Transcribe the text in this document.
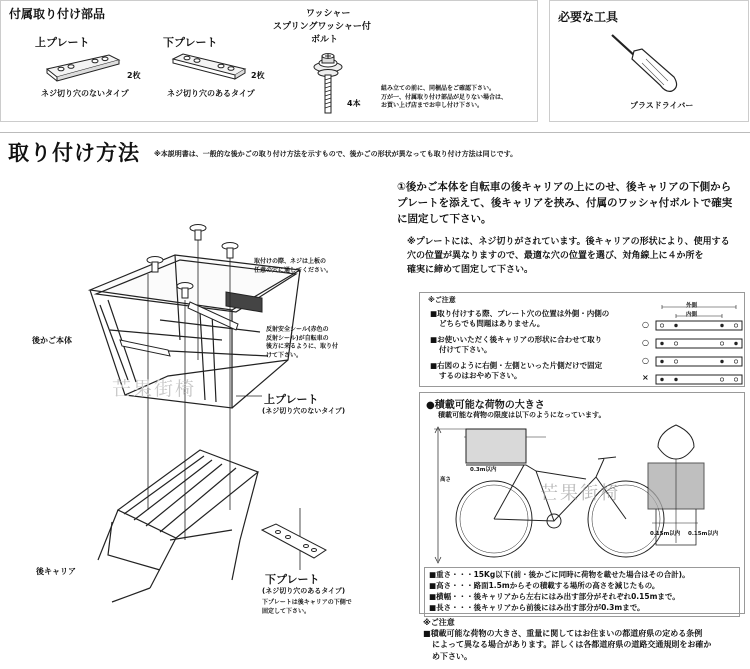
付属取り付け部品
上プレート
2枚
ネジ切り穴のないタイプ
下プレート
2枚
ネジ切り穴のあるタイプ
ワッシャー
スプリングワッシャー付
ボルト
4本
組み立ての前に、同梱品をご確認下さい。
万が一、付属取り付け部品が足りない場合は、
お買い上げ店までお申し付け下さい。
必要な工具
プラスドライバー
取り付け方法 ※本説明書は、一般的な後かごの取り付け方法を示すもので、後かごの形状が異なっても取り付け方法は同じです。
取付けの際、ネジは上板の
任意の穴に通してください。
反射安全シール(赤色の
反射シール)が自転車の
後方に来るように、取り付
けて下さい。
後かご本体
上プレート
(ネジ切り穴のないタイプ)
後キャリア
下プレート
(ネジ切り穴のあるタイプ)
下プレートは後キャリアの下側で
固定して下さい。
芒果街椅

①後かご本体を自転車の後キャリアの上にのせ、後キャリアの下側から

プレートを添えて、後キャリアを挟み、付属のワッシャ付ボルトで確実

に固定して下さい。

※プレートには、ネジ切りがされています。後キャリアの形状により、使用する
穴の位置が異なりますので、最適な穴の位置を選び、対角線上に４か所を
確実に締めて固定して下さい。
※ご注意
■ 取り付けする際、プレート穴の位置は外側・内側の
どちらでも問題はありません。
■ お使いいただく後キャリアの形状に合わせて取り
付けて下さい。
■ 右図のように右側・左側といった片側だけで固定
するのはおやめ下さい。
外側
内側
○
○
○
×
●積載可能な荷物の大きさ
積載可能な荷物の限度は以下のようになっています。
0.3m以内
高さ
0.15m以内 0.15m以内
芒果街椅
■重さ・・・15Kg以下(前・後かごに同時に荷物を載せた場合はその合計)。
■高さ・・・路面1.5mからその積載する場所の高さを減じたもの。
■横幅・・・後キャリアから左右にはみ出す部分がそれぞれ0.15mまで。
■長さ・・・後キャリアから前後にはみ出す部分が0.3mまで。
※ご注意
■積載可能な荷物の大きさ、重量に関してはお住まいの都道府県の定める条例
によって異なる場合があります。詳しくは各都道府県の道路交通規則をお確か
め下さい。
